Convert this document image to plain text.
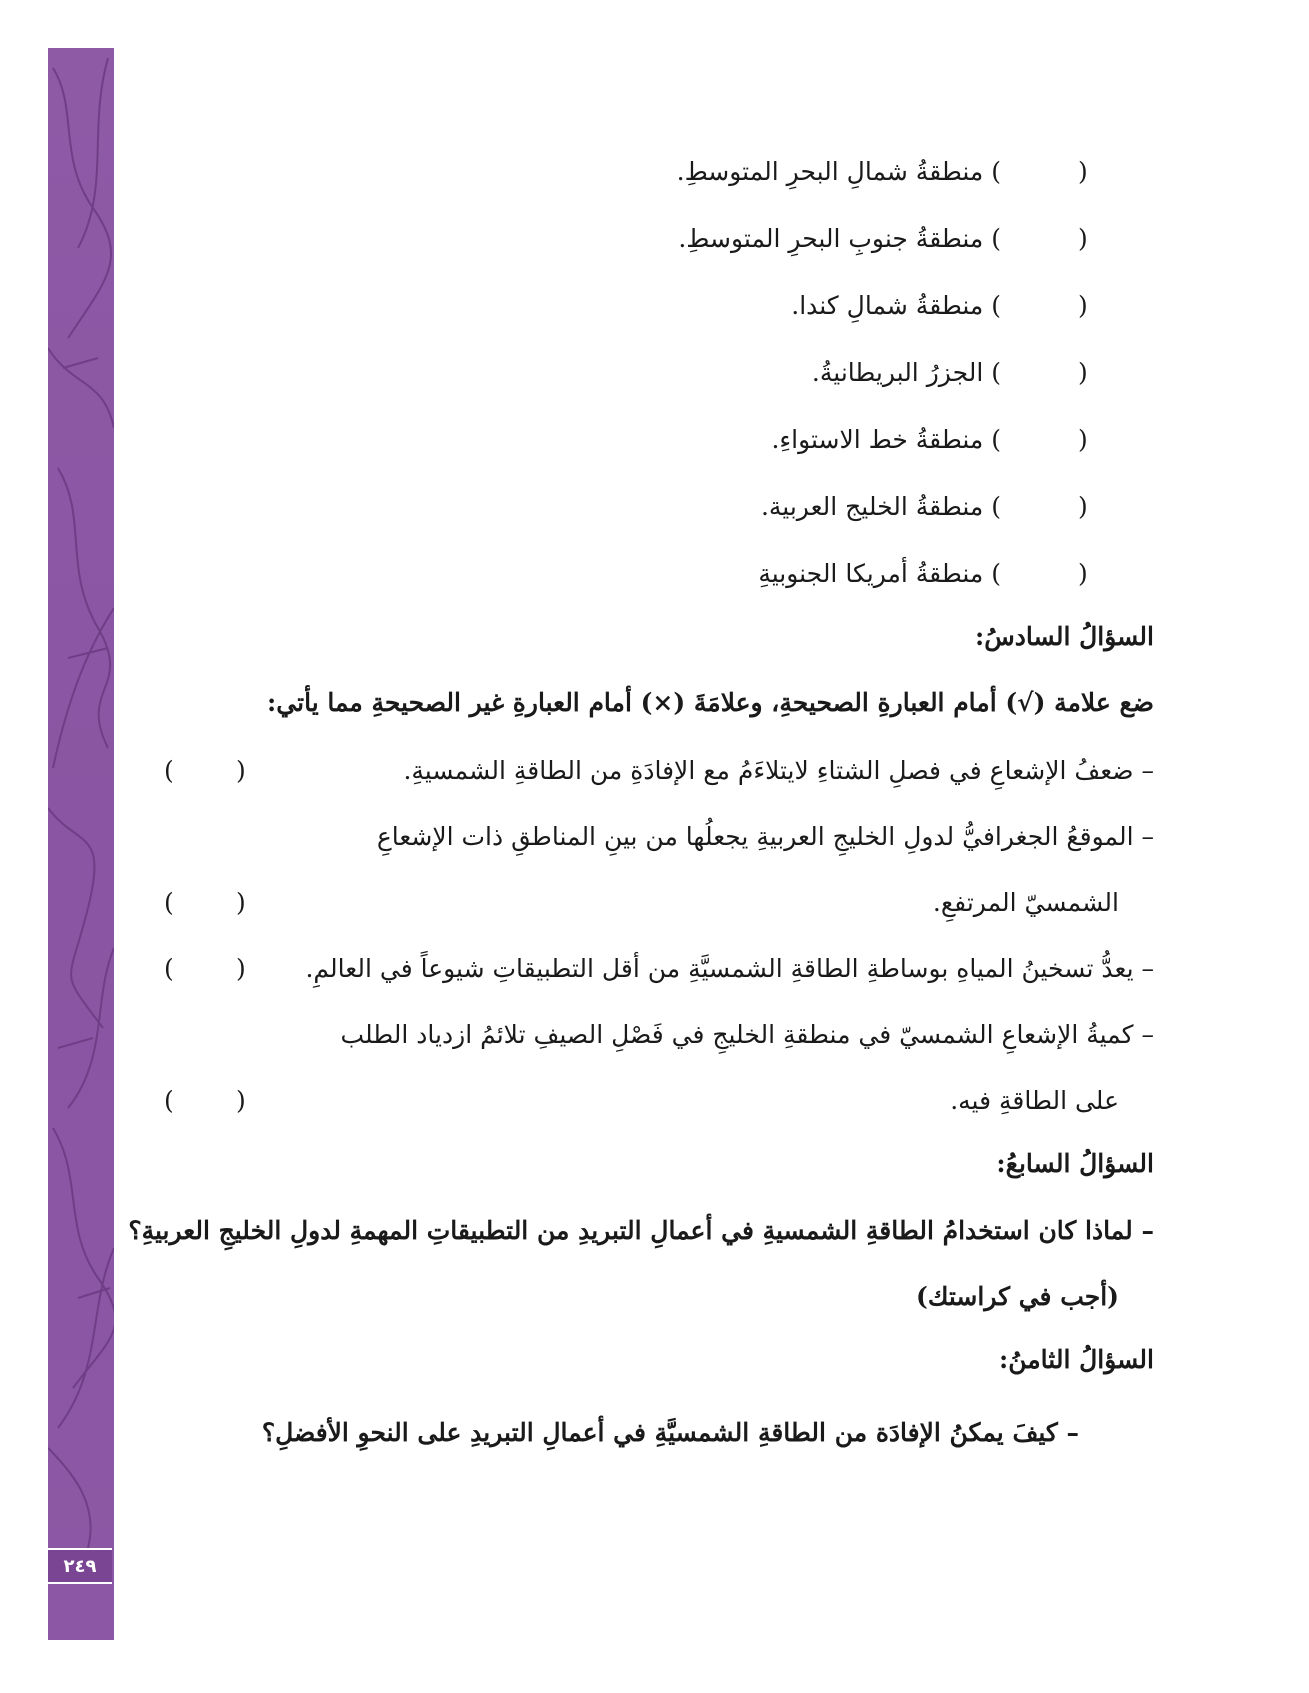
٢٤٩
(
) منطقةُ شمالِ البحرِ المتوسطِ.
(
) منطقةُ جنوبِ البحرِ المتوسطِ.
(
) منطقةُ شمالِ كندا.
(
) الجزرُ البريطانيةُ.
(
) منطقةُ خط الاستواءِ.
(
) منطقةُ الخليج العربية.
(
) منطقةُ أمريكا الجنوبيةِ
السؤالُ السادسُ:
ضع علامة (√) أمام العبارةِ الصحيحةِ، وعلامَةَ (×) أمام العبارةِ غير الصحيحةِ مما يأتي:
– ضعفُ الإشعاعِ في فصلِ الشتاءِ لايتلاءَمُ مع الإفادَةِ من الطاقةِ الشمسيةِ.
(
)
– الموقعُ الجغرافيُّ لدولِ الخليجِ العربيةِ يجعلُها من بينِ المناطقِ ذات الإشعاعِ
الشمسيّ المرتفعِ.
(
)
– يعدُّ تسخينُ المياهِ بوساطةِ الطاقةِ الشمسيَّةِ من أقل التطبيقاتِ شيوعاً في العالمِ.
(
)
– كميةُ الإشعاعِ الشمسيّ في منطقةِ الخليجِ في فَصْلِ الصيفِ تلائمُ ازدياد الطلب
على الطاقةِ فيه.
(
)
السؤالُ السابعُ:
– لماذا كان استخدامُ الطاقةِ الشمسيةِ في أعمالِ التبريدِ من التطبيقاتِ المهمةِ لدولِ الخليجِ العربيةِ؟
(أجب في كراستك)
السؤالُ الثامنُ:
– كيفَ يمكنُ الإفادَة من الطاقةِ الشمسيَّةِ في أعمالِ التبريدِ على النحوِ الأفضلِ؟
